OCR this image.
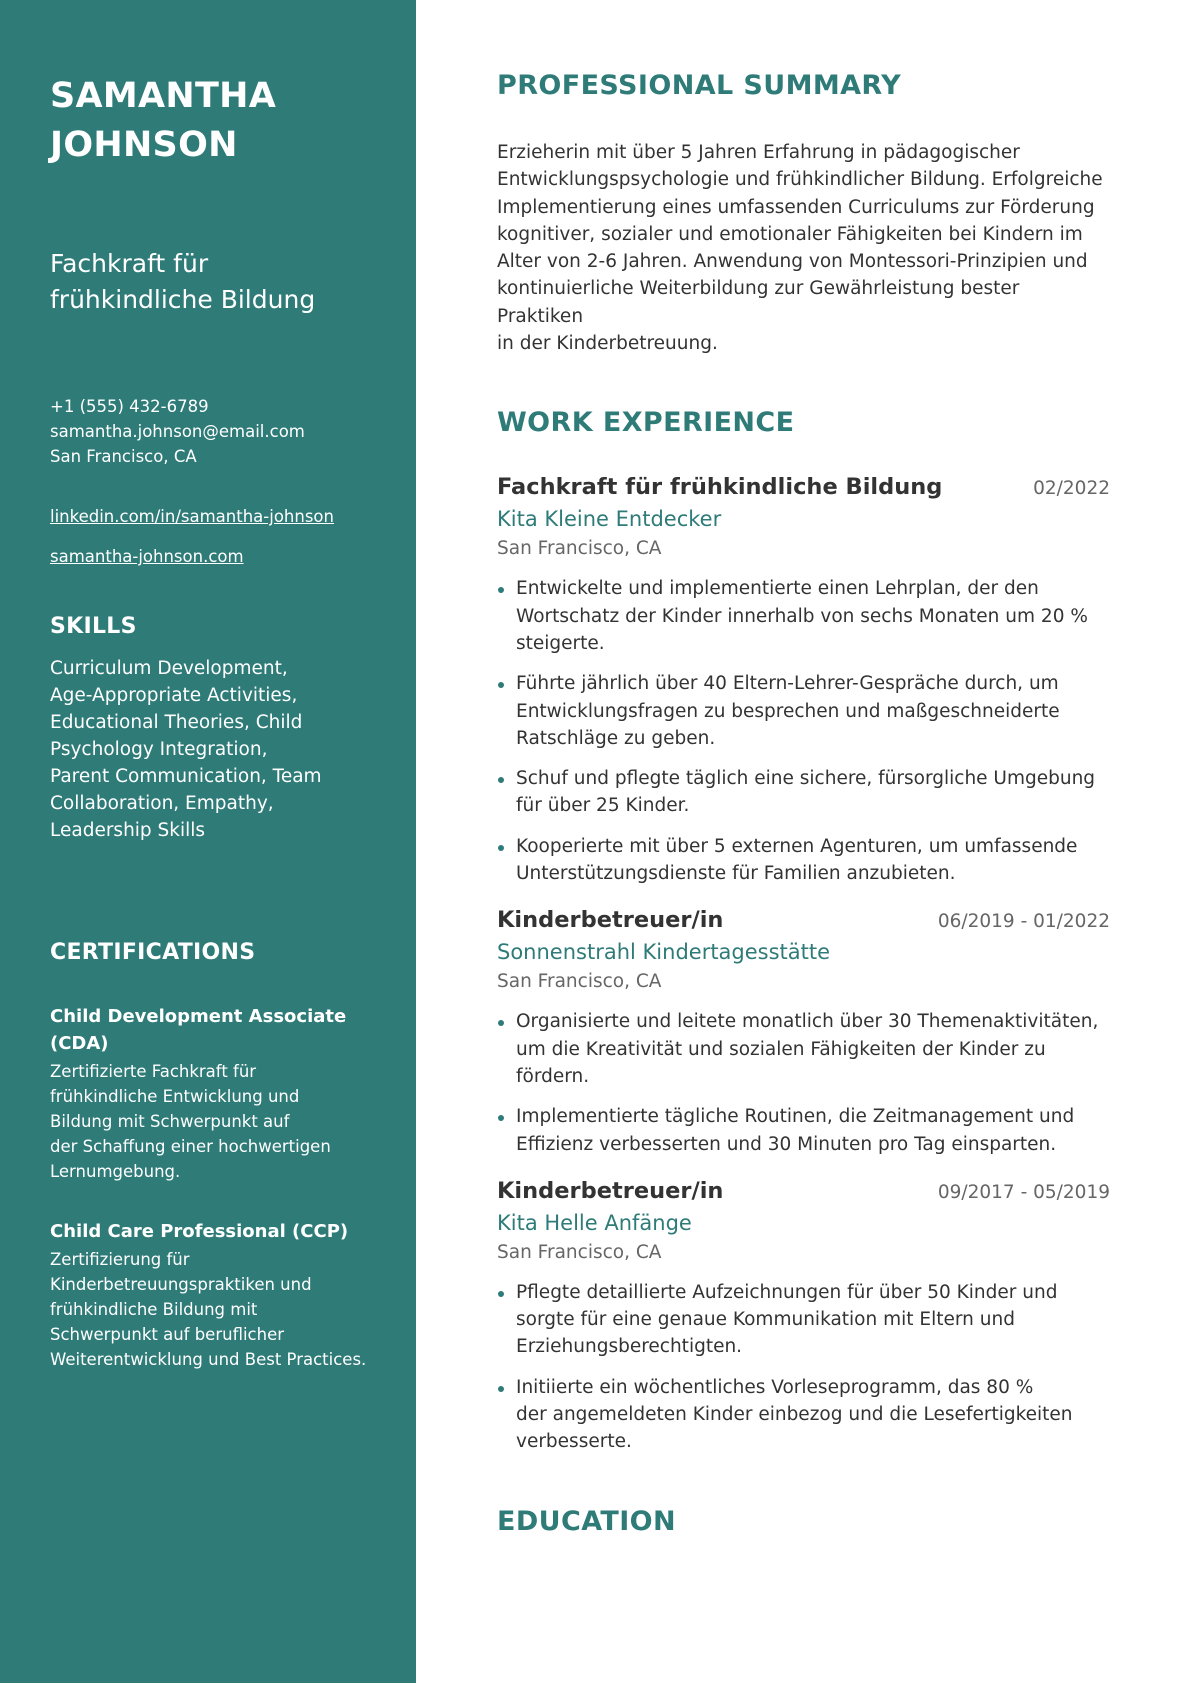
SAMANTHA
JOHNSON
Fachkraft für
frühkindliche Bildung
+1 (555) 432-6789
samantha.johnson@email.com
San Francisco, CA
linkedin.com/in/samantha-johnson
samantha-johnson.com
SKILLS
Curriculum Development,
Age-Appropriate Activities,
Educational Theories, Child
Psychology Integration,
Parent Communication, Team
Collaboration, Empathy,
Leadership Skills
CERTIFICATIONS
Child Development Associate
(CDA)
Zertifizierte Fachkraft für
frühkindliche Entwicklung und
Bildung mit Schwerpunkt auf
der Schaffung einer hochwertigen
Lernumgebung.
Child Care Professional (CCP)
Zertifizierung für
Kinderbetreuungspraktiken und
frühkindliche Bildung mit
Schwerpunkt auf beruflicher
Weiterentwicklung und Best Practices.
PROFESSIONAL SUMMARY
Erzieherin mit über 5 Jahren Erfahrung in pädagogischer
Entwicklungspsychologie und frühkindlicher Bildung. Erfolgreiche
Implementierung eines umfassenden Curriculums zur Förderung
kognitiver, sozialer und emotionaler Fähigkeiten bei Kindern im
Alter von 2-6 Jahren. Anwendung von Montessori-Prinzipien und
kontinuierliche Weiterbildung zur Gewährleistung bester Praktiken
in der Kinderbetreuung.
WORK EXPERIENCE
Fachkraft für frühkindliche Bildung	02/2022
Kita Kleine Entdecker
San Francisco, CA
Entwickelte und implementierte einen Lehrplan, der den
Wortschatz der Kinder innerhalb von sechs Monaten um 20 %
steigerte.
Führte jährlich über 40 Eltern-Lehrer-Gespräche durch, um
Entwicklungsfragen zu besprechen und maßgeschneiderte
Ratschläge zu geben.
Schuf und pflegte täglich eine sichere, fürsorgliche Umgebung
für über 25 Kinder.
Kooperierte mit über 5 externen Agenturen, um umfassende
Unterstützungsdienste für Familien anzubieten.
Kinderbetreuer/in	06/2019 - 01/2022
Sonnenstrahl Kindertagesstätte
San Francisco, CA
Organisierte und leitete monatlich über 30 Themenaktivitäten,
um die Kreativität und sozialen Fähigkeiten der Kinder zu
fördern.
Implementierte tägliche Routinen, die Zeitmanagement und
Effizienz verbesserten und 30 Minuten pro Tag einsparten.
Kinderbetreuer/in	09/2017 - 05/2019
Kita Helle Anfänge
San Francisco, CA
Pflegte detaillierte Aufzeichnungen für über 50 Kinder und
sorgte für eine genaue Kommunikation mit Eltern und
Erziehungsberechtigten.
Initiierte ein wöchentliches Vorleseprogramm, das 80 %
der angemeldeten Kinder einbezog und die Lesefertigkeiten
verbesserte.
EDUCATION
